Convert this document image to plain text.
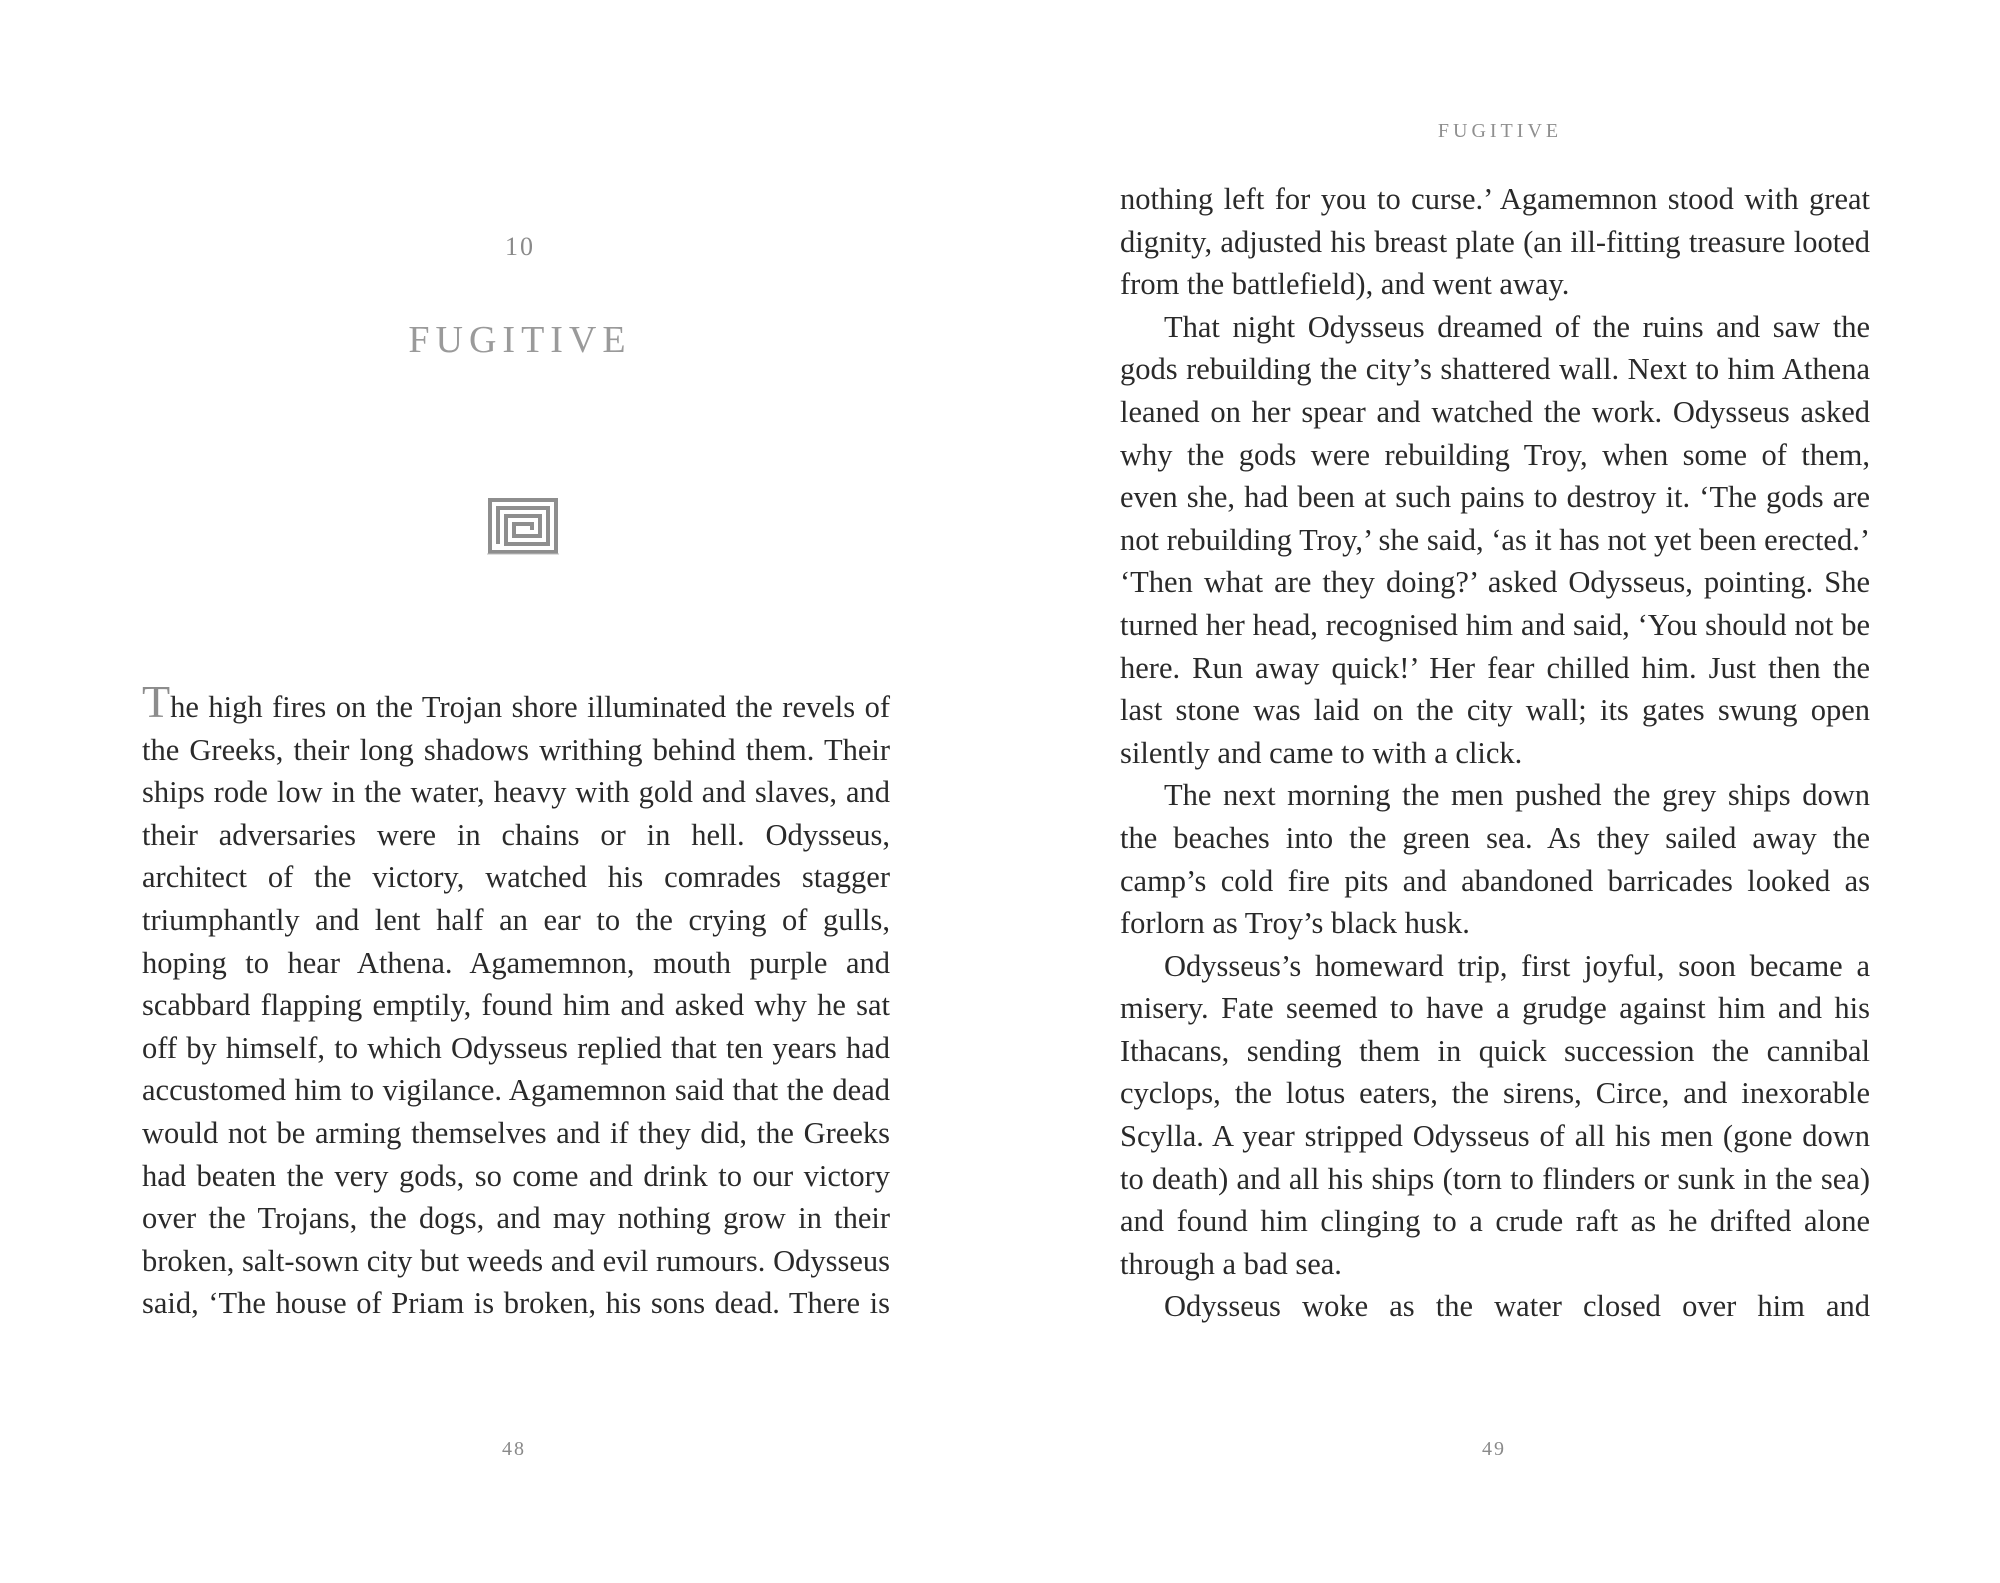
10
FUGITIVE

The high fires on the Trojan shore illuminated the revels of the Greeks, their long shadows writhing behind them. Their ships rode low in the water, heavy with gold and slaves, and their adversaries were in chains or in hell. Odysseus, architect of the victory, watched his comrades stagger triumphantly and lent half an ear to the crying of gulls, hoping to hear Athena. Agamemnon, mouth purple and scabbard flapping emptily, found him and asked why he sat off by himself, to which Odysseus replied that ten years had accustomed him to vigilance. Agamemnon said that the dead would not be arming themselves and if they did, the Greeks had beaten the very gods, so come and drink to our victory over the Trojans, the dogs, and may nothing grow in their broken, salt-sown city but weeds and evil rumours. Odysseus said, ‘The house of Priam is broken, his sons dead. There is

48
FUGITIVE

nothing left for you to curse.’ Agamemnon stood with great dignity, adjusted his breast plate (an ill-fitting treasure looted from the battlefield), and went away.

That night Odysseus dreamed of the ruins and saw the gods rebuilding the city’s shattered wall. Next to him Athena leaned on her spear and watched the work. Odysseus asked why the gods were rebuilding Troy, when some of them, even she, had been at such pains to destroy it. ‘The gods are not rebuilding Troy,’ she said, ‘as it has not yet been erected.’ ‘Then what are they doing?’ asked Odysseus, pointing. She turned her head, recognised him and said, ‘You should not be here. Run away quick!’ Her fear chilled him. Just then the last stone was laid on the city wall; its gates swung open silently and came to with a click.

The next morning the men pushed the grey ships down the beaches into the green sea. As they sailed away the camp’s cold fire pits and abandoned barricades looked as forlorn as Troy’s black husk.

Odysseus’s homeward trip, first joyful, soon became a misery. Fate seemed to have a grudge against him and his Ithacans, sending them in quick succession the cannibal cyclops, the lotus eaters, the sirens, Circe, and inexorable Scylla. A year stripped Odysseus of all his men (gone down to death) and all his ships (torn to flinders or sunk in the sea) and found him clinging to a crude raft as he drifted alone through a bad sea.

Odysseus woke as the water closed over him and

49
